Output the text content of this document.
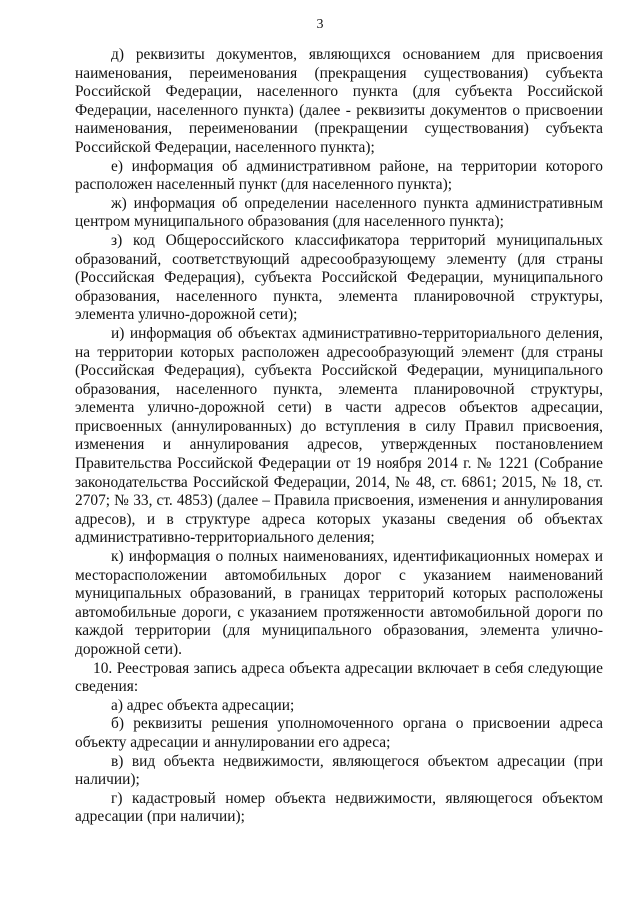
3

д) реквизиты документов, являющихся основанием для присвоения наименования, переименования (прекращения существования) субъекта Российской Федерации, населенного пункта (для субъекта Российской Федерации, населенного пункта) (далее - реквизиты документов о присвоении наименования, переименовании (прекращении существования) субъекта Российской Федерации, населенного пункта);

е) информация об административном районе, на территории которого расположен населенный пункт (для населенного пункта);

ж) информация об определении населенного пункта административным центром муниципального образования (для населенного пункта);

з) код Общероссийского классификатора территорий муниципальных образований, соответствующий адресообразующему элементу (для страны (Российская Федерация), субъекта Российской Федерации, муниципального образования, населенного пункта, элемента планировочной структуры, элемента улично-дорожной сети);

и) информация об объектах административно-территориального деления, на территории которых расположен адресообразующий элемент (для страны (Российская Федерация), субъекта Российской Федерации, муниципального образования, населенного пункта, элемента планировочной структуры, элемента улично-дорожной сети) в части адресов объектов адресации, присвоенных (аннулированных) до вступления в силу Правил присвоения, изменения и аннулирования адресов, утвержденных постановлением Правительства Российской Федерации от 19 ноября 2014 г. № 1221 (Собрание законодательства Российской Федерации, 2014, № 48, ст. 6861; 2015, № 18, ст. 2707; № 33, ст. 4853) (далее – Правила присвоения, изменения и аннулирования адресов), и в структуре адреса которых указаны сведения об объектах административно-территориального деления;

к) информация о полных наименованиях, идентификационных номерах и месторасположении автомобильных дорог с указанием наименований муниципальных образований, в границах территорий которых расположены автомобильные дороги, с указанием протяженности автомобильной дороги по каждой территории (для муниципального образования, элемента улично-дорожной сети).

10. Реестровая запись адреса объекта адресации включает в себя следующие сведения:

а) адрес объекта адресации;

б) реквизиты решения уполномоченного органа о присвоении адреса объекту адресации и аннулировании его адреса;

в) вид объекта недвижимости, являющегося объектом адресации (при наличии);

г) кадастровый номер объекта недвижимости, являющегося объектом адресации (при наличии);
